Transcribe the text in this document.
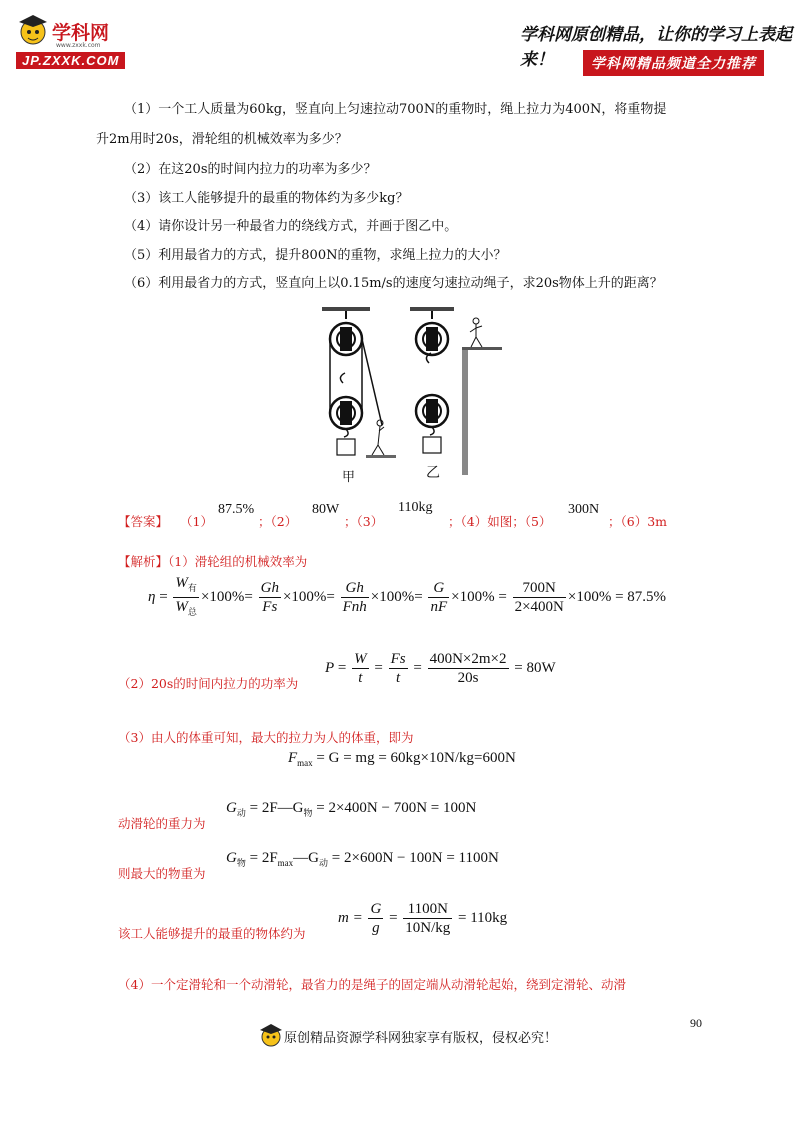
学科网
www.zxxk.com
JP.ZXXK.COM
学科网原创精品，让你的学习上表起来！	学科网精品频道全力推荐
（1）一个工人质量为60kg，竖直向上匀速拉动700N的重物时，绳上拉力为400N，将重物提
升2m用时20s，滑轮组的机械效率为多少？
（2）在这20s的时间内拉力的功率为多少？
（3）该工人能够提升的最重的物体约为多少kg？
（4）请你设计另一种最省力的绕线方式，并画于图乙中。
（5）利用最省力的方式，提升800N的重物，求绳上拉力的大小？
（6）利用最省力的方式，竖直向上以0.15m/s的速度匀速拉动绳子，求20s物体上升的距离？
甲	乙
【答案】 （1）
87.5%
；（2）
80W
；（3）
110kg
；（4）如图；（5）
300N
；（6）3m
【解析】（1）滑轮组的机械效率为
$\eta = \frac{W_有}{W_总} \times 100\%= \frac{Gh}{Fs} \times 100\%= \frac{Gh}{\text{Fnh}} \times 100\%= \frac{G}{nF} \times 100\% = \frac{700N}{2\times 400N} \times 100\% = 87.5\%$
（2）20s的时间内拉力的功率为
$P = \frac{W}{t} = \frac{Fs}{t} = \frac{400N\times 2m\times 2}{20s} = 80W$
（3）由人的体重可知，最大的拉力为人的体重，即为
$F_{max} = G$ = mg = 60kg×10N/kg=600N
动滑轮的重力为
$G_动$ = $2F—G_物 = 2\times 400N - 700N = 100N$
则最大的物重为
$G_物$ = $2F_{max}—G_动 = 2\times 600N - 100N = 1100N$
该工人能够提升的最重的物体约为
$m = \frac{G}{g} = \frac{1100N}{10N/kg} = 110kg$
（4）一个定滑轮和一个动滑轮，最省力的是绳子的固定端从动滑轮起始，绕到定滑轮、动滑
90
原创精品资源学科网独家享有版权，侵权必究！
